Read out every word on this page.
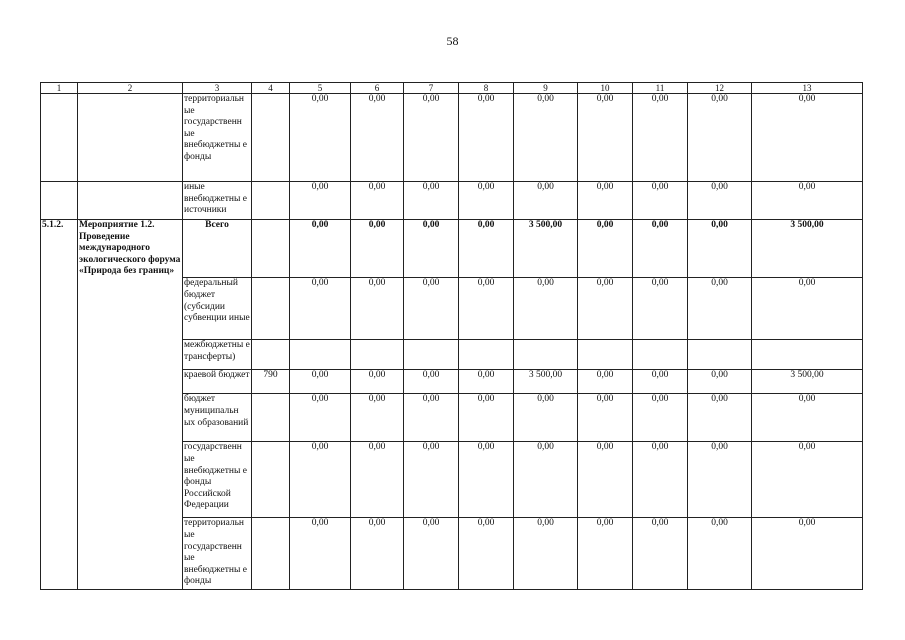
58
1	2	3	4	5	6	7	8	9	10	11	12	13
		территориальн ые государственн ые внебюджетны е фонды		0,00	0,00	0,00	0,00	0,00	0,00	0,00	0,00	0,00
		иные внебюджетны е источники		0,00	0,00	0,00	0,00	0,00	0,00	0,00	0,00	0,00
5.1.2.	Мероприятие 1.2. Проведение международного экологического форума «Природа без границ»	Всего		0,00	0,00	0,00	0,00	3 500,00	0,00	0,00	0,00	3 500,00
		федеральный бюджет (субсидии субвенции иные		0,00	0,00	0,00	0,00	0,00	0,00	0,00	0,00	0,00
		межбюджетны е трансферты)										
		краевой бюджет	790	0,00	0,00	0,00	0,00	3 500,00	0,00	0,00	0,00	3 500,00
		бюджет муниципальн ых образований		0,00	0,00	0,00	0,00	0,00	0,00	0,00	0,00	0,00
		государственн ые внебюджетны е фонды Российской Федерации		0,00	0,00	0,00	0,00	0,00	0,00	0,00	0,00	0,00
		территориальн ые государственн ые внебюджетны е фонды		0,00	0,00	0,00	0,00	0,00	0,00	0,00	0,00	0,00
